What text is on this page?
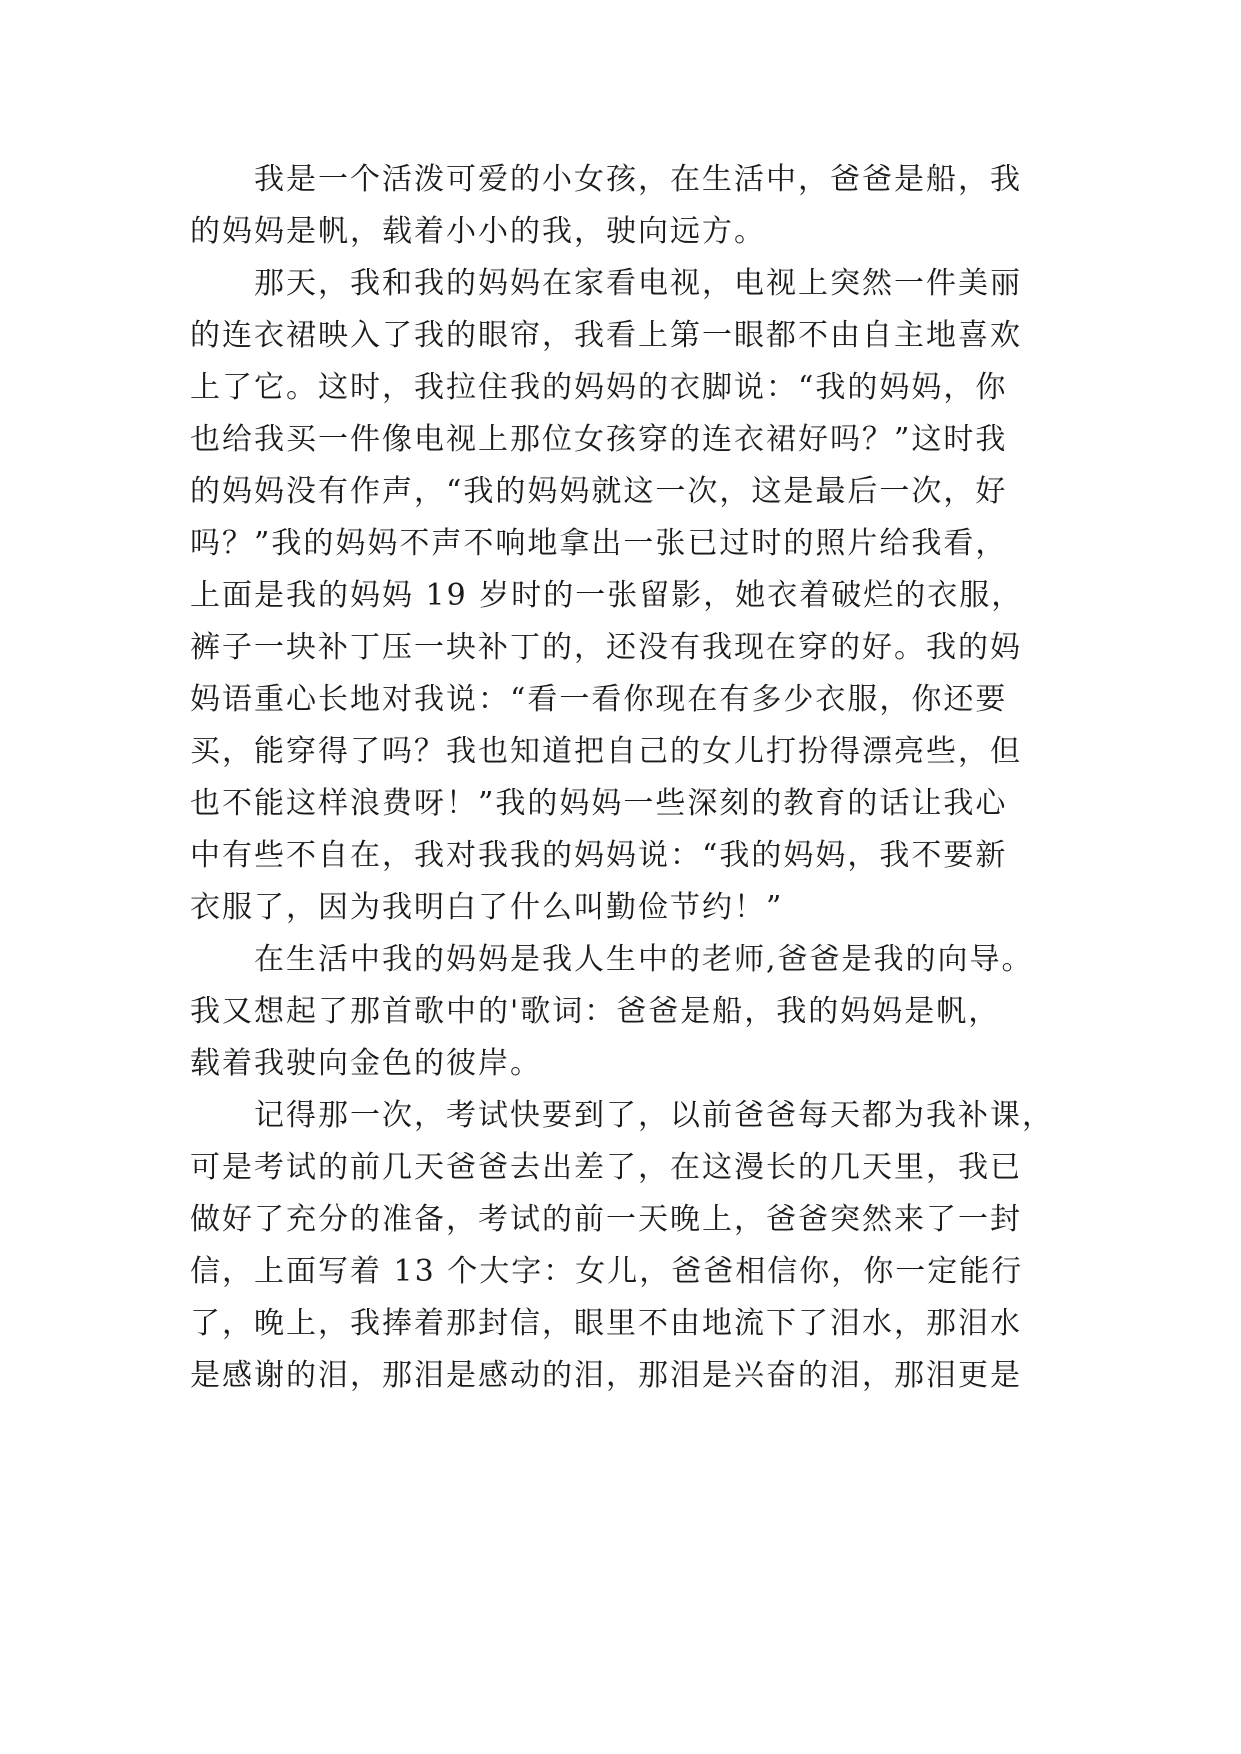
我是一个活泼可爱的小女孩，在生活中，爸爸是船，我
的妈妈是帆，载着小小的我，驶向远方。
那天，我和我的妈妈在家看电视，电视上突然一件美丽
的连衣裙映入了我的眼帘，我看上第一眼都不由自主地喜欢
上了它。这时，我拉住我的妈妈的衣脚说：“我的妈妈，你
也给我买一件像电视上那位女孩穿的连衣裙好吗？”这时我
的妈妈没有作声，“我的妈妈就这一次，这是最后一次，好
吗？”我的妈妈不声不响地拿出一张已过时的照片给我看，
上面是我的妈妈 19 岁时的一张留影，她衣着破烂的衣服，
裤子一块补丁压一块补丁的，还没有我现在穿的好。我的妈
妈语重心长地对我说：“看一看你现在有多少衣服，你还要
买，能穿得了吗？我也知道把自己的女儿打扮得漂亮些，但
也不能这样浪费呀！”我的妈妈一些深刻的教育的话让我心
中有些不自在，我对我我的妈妈说：“我的妈妈，我不要新
衣服了，因为我明白了什么叫勤俭节约！”
在生活中我的妈妈是我人生中的老师,爸爸是我的向导。
我又想起了那首歌中的'歌词：爸爸是船，我的妈妈是帆，
载着我驶向金色的彼岸。
记得那一次，考试快要到了，以前爸爸每天都为我补课，
可是考试的前几天爸爸去出差了，在这漫长的几天里，我已
做好了充分的准备，考试的前一天晚上，爸爸突然来了一封
信，上面写着 13 个大字：女儿，爸爸相信你，你一定能行
了，晚上，我捧着那封信，眼里不由地流下了泪水，那泪水
是感谢的泪，那泪是感动的泪，那泪是兴奋的泪，那泪更是
